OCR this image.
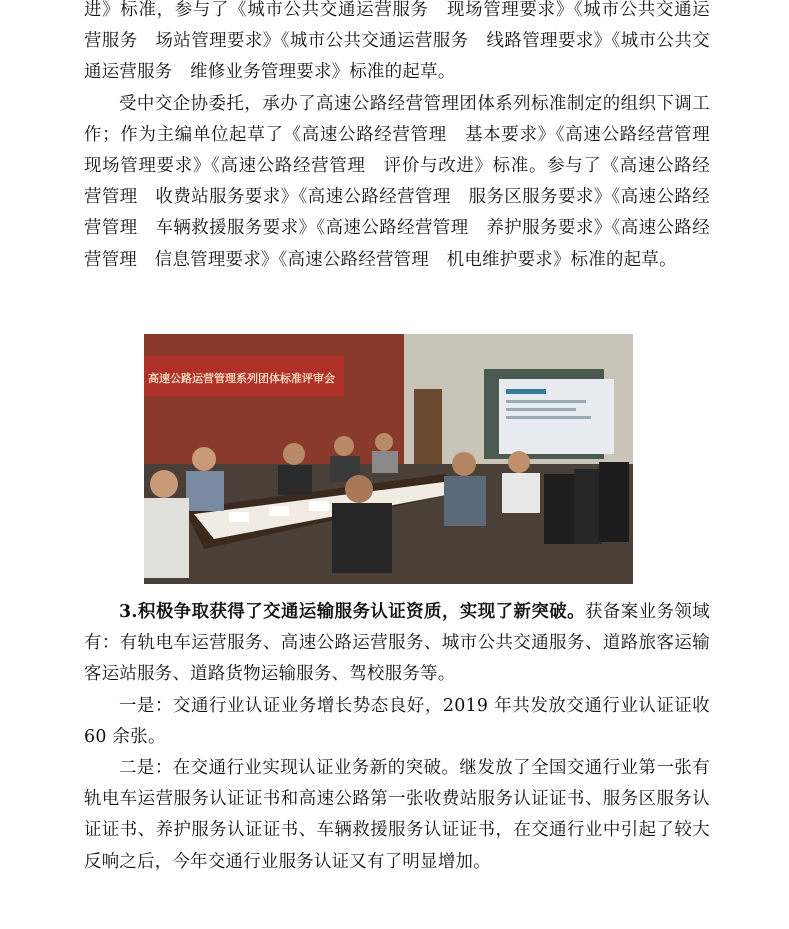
进》标准，参与了《城市公共交通运营服务　现场管理要求》《城市公共交通运营服务　场站管理要求》《城市公共交通运营服务　线路管理要求》《城市公共交通运营服务　维修业务管理要求》标准的起草。

受中交企协委托，承办了高速公路经营管理团体系列标准制定的组织下调工作；作为主编单位起草了《高速公路经营管理　基本要求》《高速公路经营管理　现场管理要求》《高速公路经营管理　评价与改进》标准。参与了《高速公路经营管理　收费站服务要求》《高速公路经营管理　服务区服务要求》《高速公路经营管理　车辆救援服务要求》《高速公路经营管理　养护服务要求》《高速公路经营管理　信息管理要求》《高速公路经营管理　机电维护要求》标准的起草。

高速公路运营管理系列团体标准评审会

3.积极争取获得了交通运输服务认证资质，实现了新突破。获备案业务领域有：有轨电车运营服务、高速公路运营服务、城市公共交通服务、道路旅客运输客运站服务、道路货物运输服务、驾校服务等。

一是：交通行业认证业务增长势态良好，2019 年共发放交通行业认证证收 60 余张。

二是：在交通行业实现认证业务新的突破。继发放了全国交通行业第一张有轨电车运营服务认证证书和高速公路第一张收费站服务认证证书、服务区服务认证证书、养护服务认证证书、车辆救援服务认证证书，在交通行业中引起了较大反响之后，今年交通行业服务认证又有了明显增加。
